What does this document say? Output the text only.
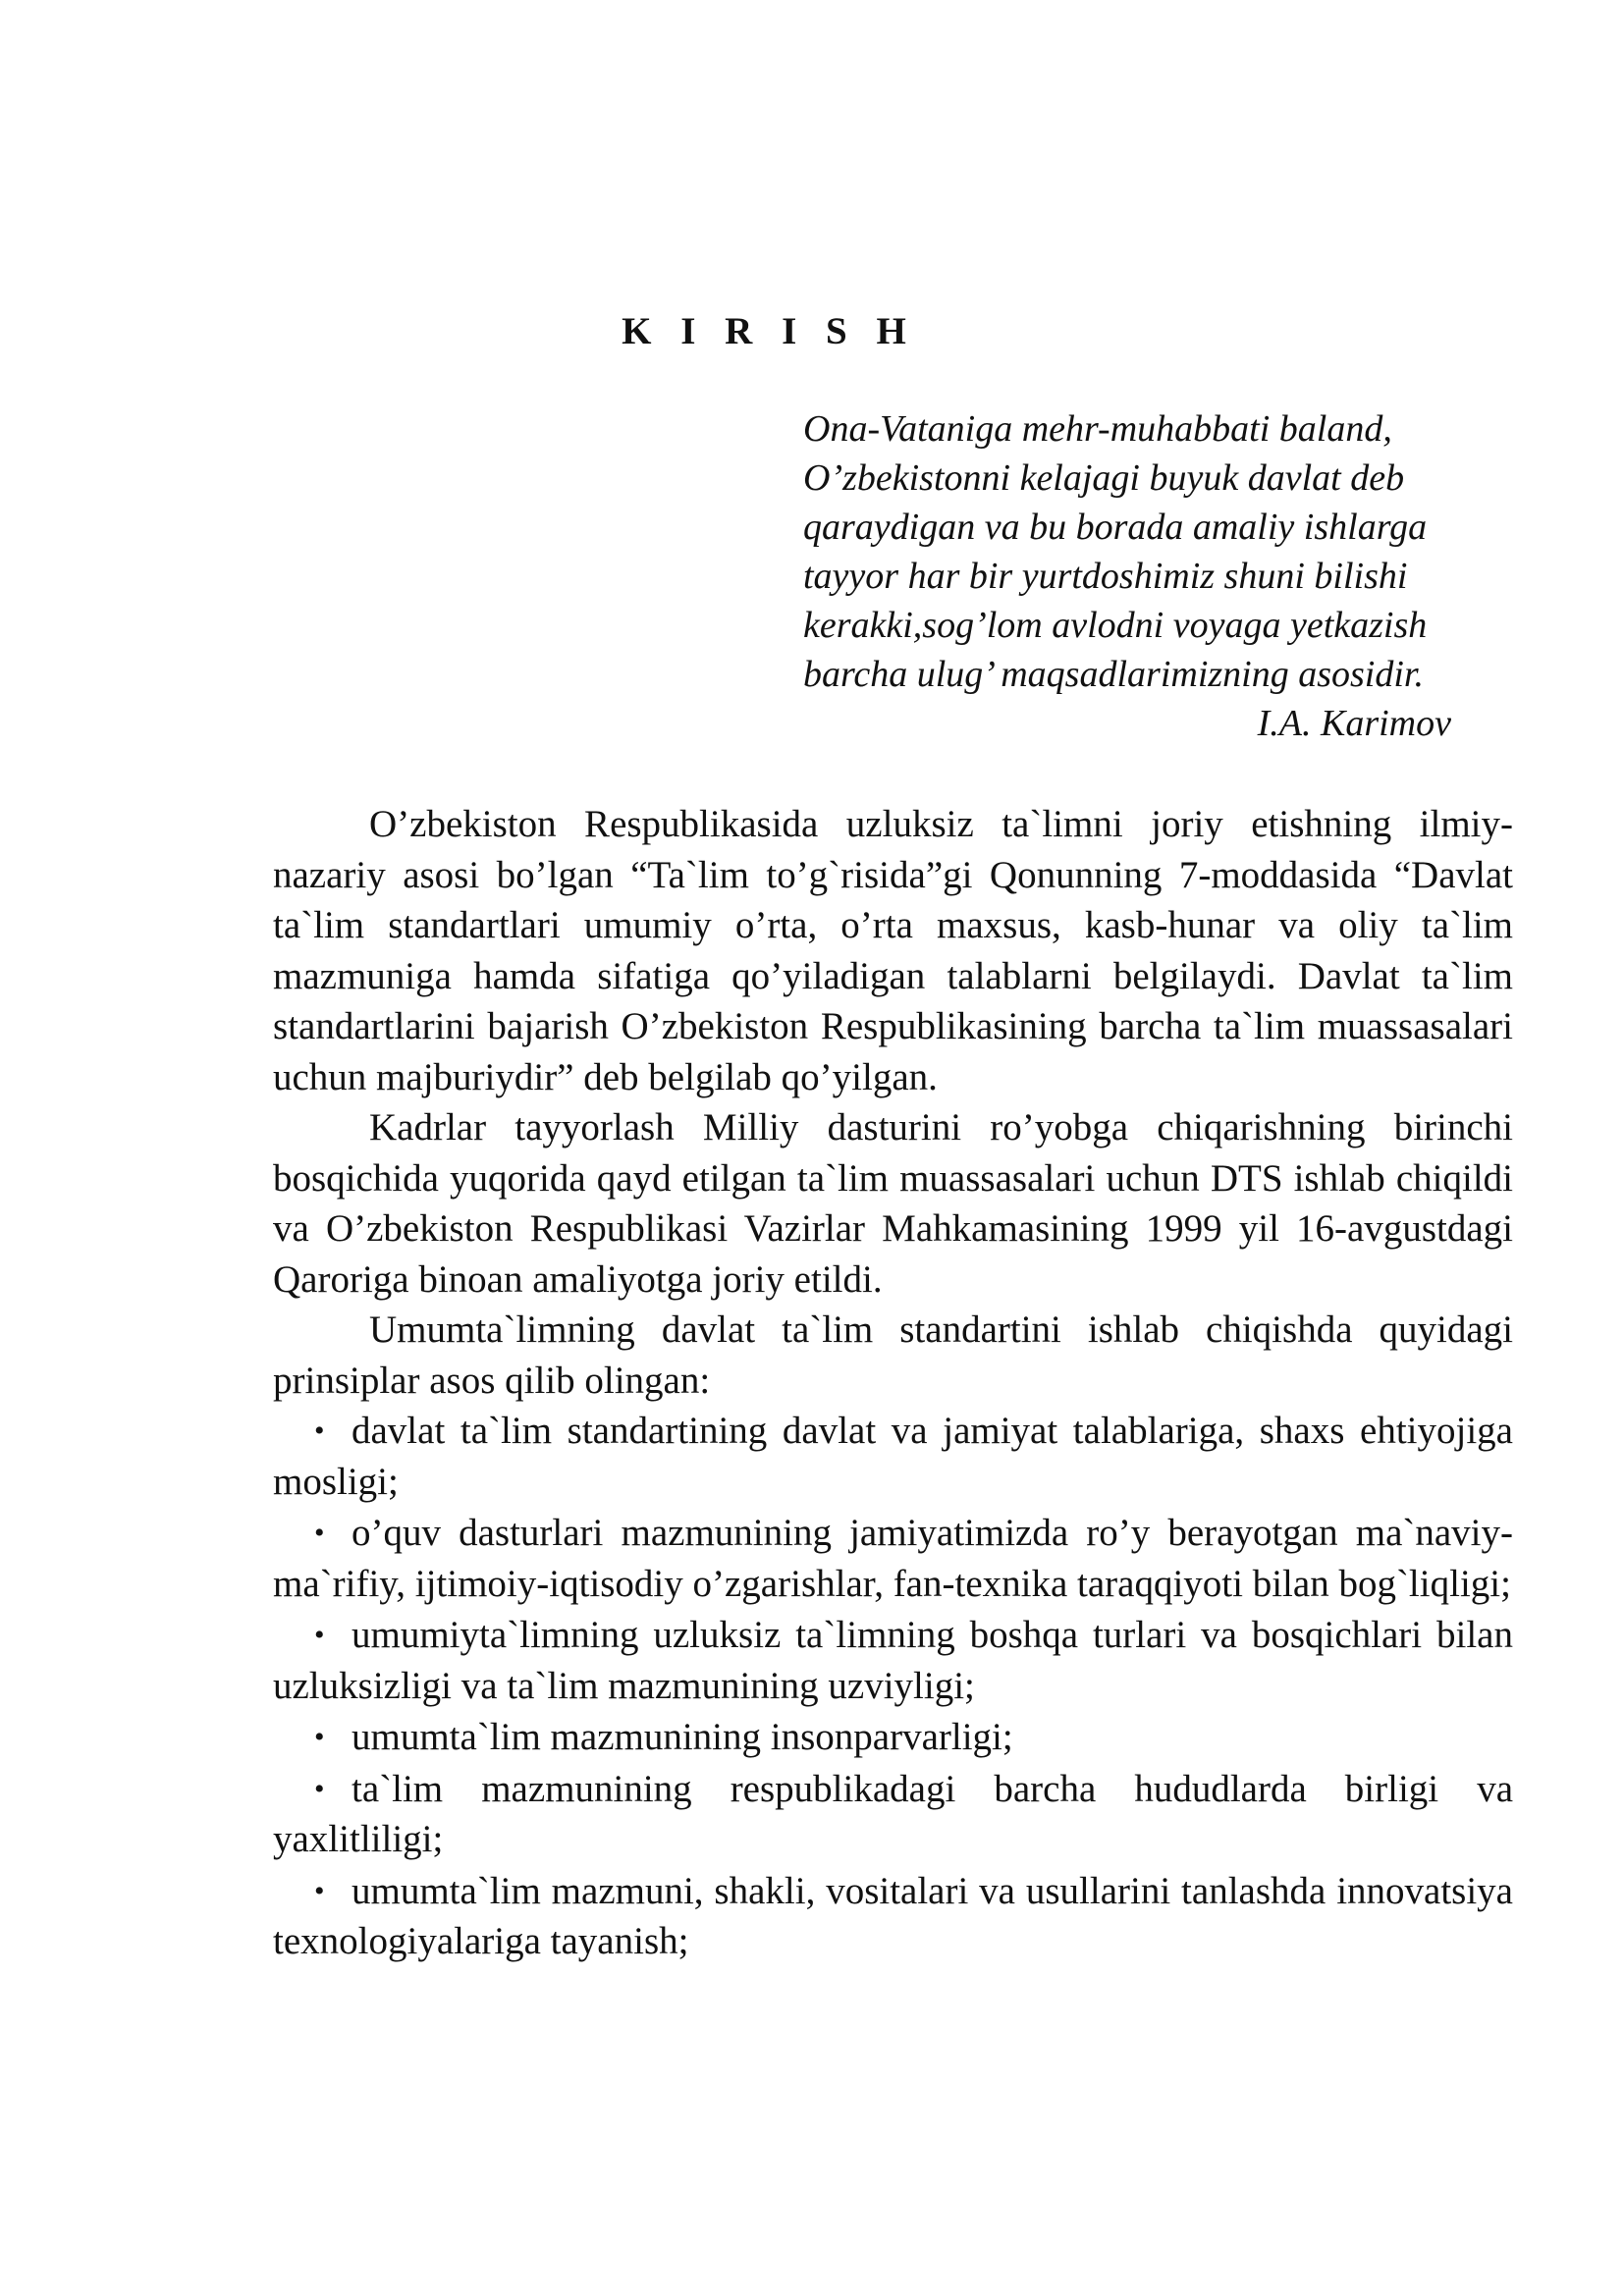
K I R I S H
Ona-Vataniga mehr-muhabbati baland,
O’zbekistonni kelajagi buyuk davlat deb
qaraydigan va bu borada amaliy ishlarga
tayyor har bir yurtdoshimiz shuni bilishi
kerakki,sog’lom avlodni voyaga yetkazish
barcha ulug’ maqsadlarimizning asosidir.
I.A. Karimov

O’zbekiston Respublikasida uzluksiz ta`limni joriy etishning ilmiy-nazariy asosi bo’lgan “Ta`lim to’g`risida”gi Qonunning 7-moddasida “Davlat ta`lim standartlari umumiy o’rta, o’rta maxsus, kasb-hunar va oliy ta`lim mazmuniga hamda sifatiga qo’yiladigan talablarni belgilaydi. Davlat ta`lim standartlarini bajarish O’zbekiston Respublikasining barcha ta`lim muassasalari uchun majburiydir” deb belgilab qo’yilgan.

Kadrlar tayyorlash Milliy dasturini ro’yobga chiqarishning birinchi bosqichida yuqorida qayd etilgan ta`lim muassasalari uchun DTS ishlab chiqildi va O’zbekiston Respublikasi Vazirlar Mahkamasining 1999 yil 16-avgustdagi Qaroriga binoan amaliyotga joriy etildi.

Umumta`limning davlat ta`lim standartini ishlab chiqishda quyidagi prinsiplar asos qilib olingan:

• davlat ta`lim standartining davlat va jamiyat talablariga, shaxs ehtiyojiga mosligi;
• o’quv dasturlari mazmunining jamiyatimizda ro’y berayotgan ma`naviy-ma`rifiy, ijtimoiy-iqtisodiy o’zgarishlar, fan-texnika taraqqiyoti bilan bog`liqligi;
• umumiyta`limning uzluksiz ta`limning boshqa turlari va bosqichlari bilan uzluksizligi va ta`lim mazmunining uzviyligi;
• umumta`lim mazmunining insonparvarligi;
• ta`lim mazmunining respublikadagi barcha hududlarda birligi va yaxlitliligi;
• umumta`lim mazmuni, shakli, vositalari va usullarini tanlashda innovatsiya texnologiyalariga tayanish;
